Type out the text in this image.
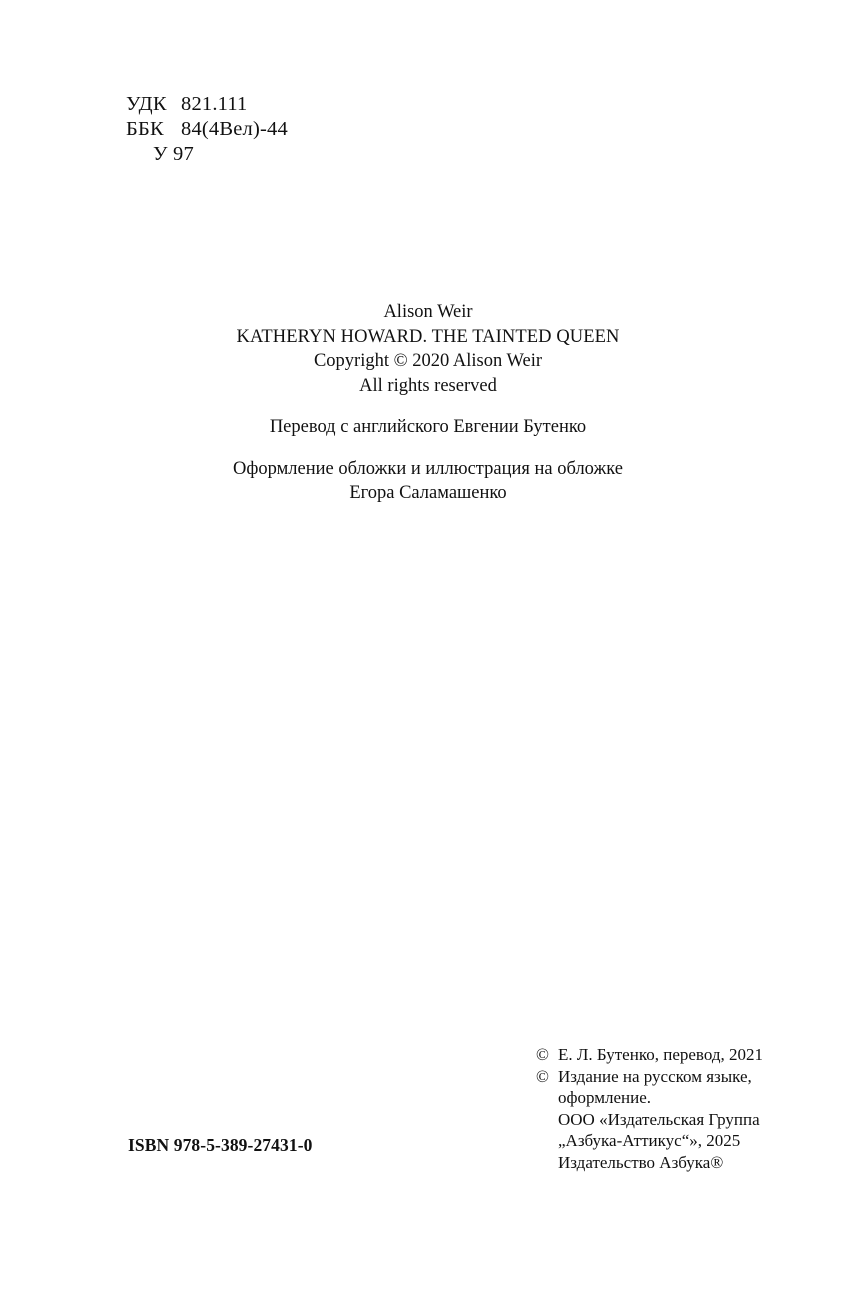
УДК 821.111
ББК 84(4Вел)-44
У 97
Alison Weir
KATHERYN HOWARD. THE TAINTED QUEEN
Copyright © 2020 Alison Weir
All rights reserved
Перевод с английского Евгении Бутенко
Оформление обложки и иллюстрация на обложке
Егора Саламашенко
© Е. Л. Бутенко, перевод, 2021
© Издание на русском языке,
оформление.
ООО «Издательская Группа
„Азбука-Аттикус“», 2025
Издательство Азбука®
ISBN 978-5-389-27431-0
